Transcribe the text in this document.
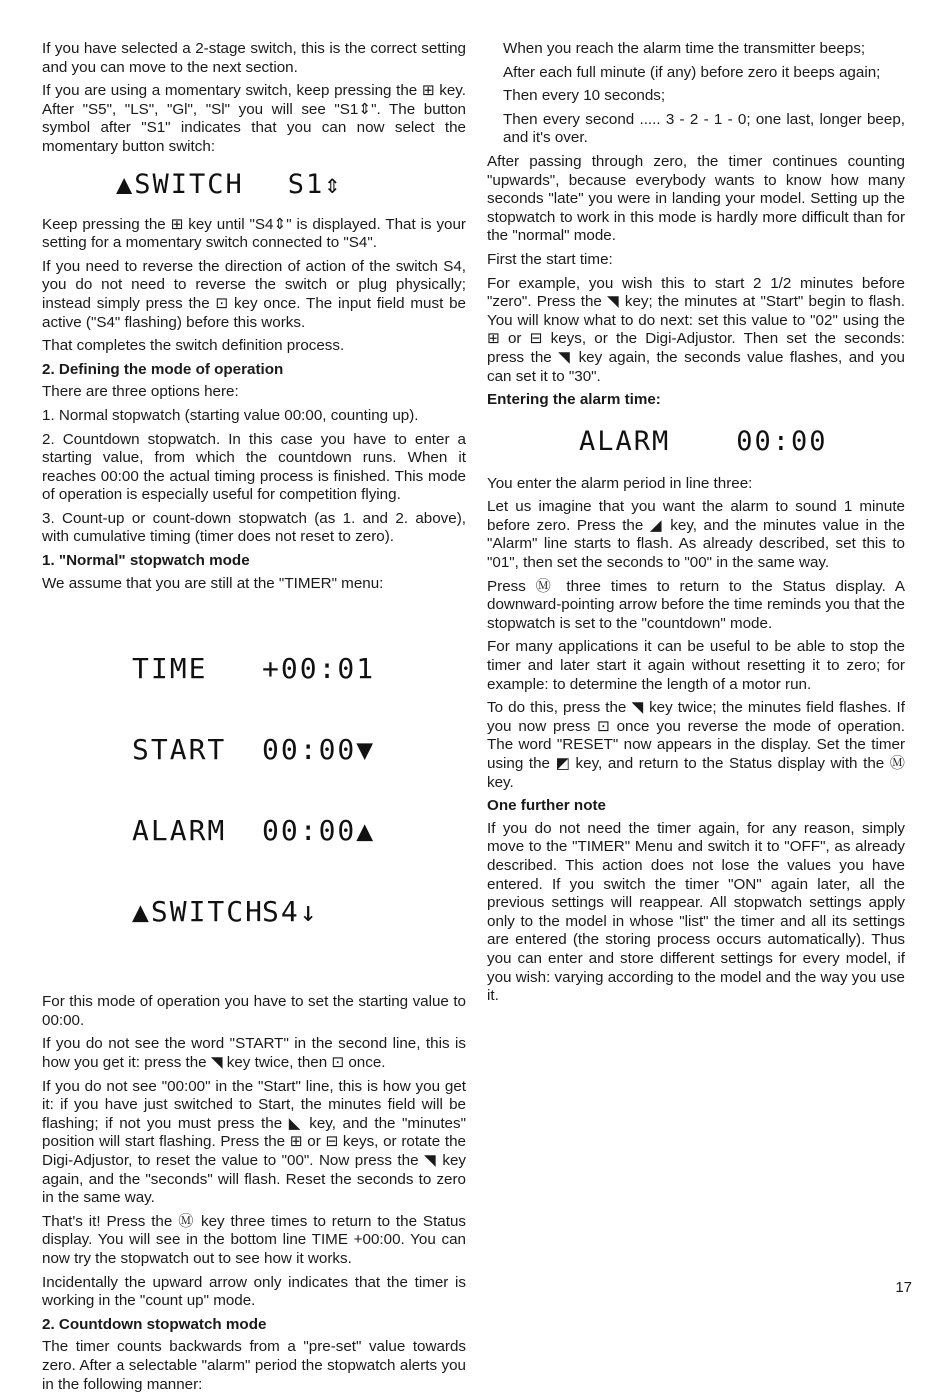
If you have selected a 2-stage switch, this is the correct setting and you can move to the next section.

If you are using a momentary switch, keep pressing the ⊞ key. After "S5", "LS", "Gl", "Sl" you will see "S1⇕". The button symbol after "S1" indicates that you can now select the momentary button switch:

▲SWITCH S1⇕

Keep pressing the ⊞ key until "S4⇕" is displayed. That is your setting for a momentary switch connected to "S4".

If you need to reverse the direction of action of the switch S4, you do not need to reverse the switch or plug physically; instead simply press the ⊡ key once. The input field must be active ("S4" flashing) before this works.

That completes the switch definition process.

2. Defining the mode of operation

There are three options here:

1. Normal stopwatch (starting value 00:00, counting up).

2. Countdown stopwatch. In this case you have to enter a starting value, from which the countdown runs. When it reaches 00:00 the actual timing process is finished. This mode of operation is especially useful for competition flying.

3. Count-up or count-down stopwatch (as 1. and 2. above), with cumulative timing (timer does not reset to zero).

1. "Normal" stopwatch mode

We assume that you are still at the "TIMER" menu:

TIME	+00:01

START	00:00▼

ALARM	00:00▲

▲SWITCH
S4↓

For this mode of operation you have to set the starting value to 00:00.

If you do not see the word "START" in the second line, this is how you get it: press the ◥ key twice, then ⊡ once.

If you do not see "00:00" in the "Start" line, this is how you get it: if you have just switched to Start, the minutes field will be flashing; if not you must press the ◣ key, and the "minutes" position will start flashing. Press the ⊞ or ⊟ keys, or rotate the Digi-Adjustor, to reset the value to "00". Now press the ◥ key again, and the "seconds" will flash. Reset the seconds to zero in the same way.

That's it! Press the Ⓜ key three times to return to the Status display. You will see in the bottom line TIME +00:00. You can now try the stopwatch out to see how it works.

Incidentally the upward arrow only indicates that the timer is working in the "count up" mode.

2. Countdown stopwatch mode

The timer counts backwards from a "pre-set" value towards zero. After a selectable "alarm" period the stopwatch alerts you in the following manner:

When you reach the alarm time the transmitter beeps;

After each full minute (if any) before zero it beeps again;

Then every 10 seconds;

Then every second ..... 3 - 2 - 1 - 0; one last, longer beep, and it's over.

After passing through zero, the timer continues counting "upwards", because everybody wants to know how many seconds "late" you were in landing your model. Setting up the stopwatch to work in this mode is hardly more difficult than for the "normal" mode.

First the start time:

For example, you wish this to start 2 1/2 minutes before "zero". Press the ◥ key; the minutes at "Start" begin to flash. You will know what to do next: set this value to "02" using the ⊞ or ⊟ keys, or the Digi-Adjustor. Then set the seconds: press the ◥ key again, the seconds value flashes, and you can set it to "30".

Entering the alarm time:

ALARM 00:00

You enter the alarm period in line three:

Let us imagine that you want the alarm to sound 1 minute before zero. Press the ◢ key, and the minutes value in the "Alarm" line starts to flash. As already described, set this to "01", then set the seconds to "00" in the same way.

Press Ⓜ three times to return to the Status display. A downward-pointing arrow before the time reminds you that the stopwatch is set to the "countdown" mode.

For many applications it can be useful to be able to stop the timer and later start it again without resetting it to zero; for example: to determine the length of a motor run.

To do this, press the ◥ key twice; the minutes field flashes. If you now press ⊡ once you reverse the mode of operation. The word "RESET" now appears in the display. Set the timer using the ◩ key, and return to the Status display with the Ⓜ key.

One further note

If you do not need the timer again, for any reason, simply move to the "TIMER" Menu and switch it to "OFF", as already described. This action does not lose the values you have entered. If you switch the timer "ON" again later, all the previous settings will reappear. All stopwatch settings apply only to the model in whose "list" the timer and all its settings are entered (the storing process occurs automatically). Thus you can enter and store different settings for every model, if you wish: varying according to the model and the way you use it.

17
